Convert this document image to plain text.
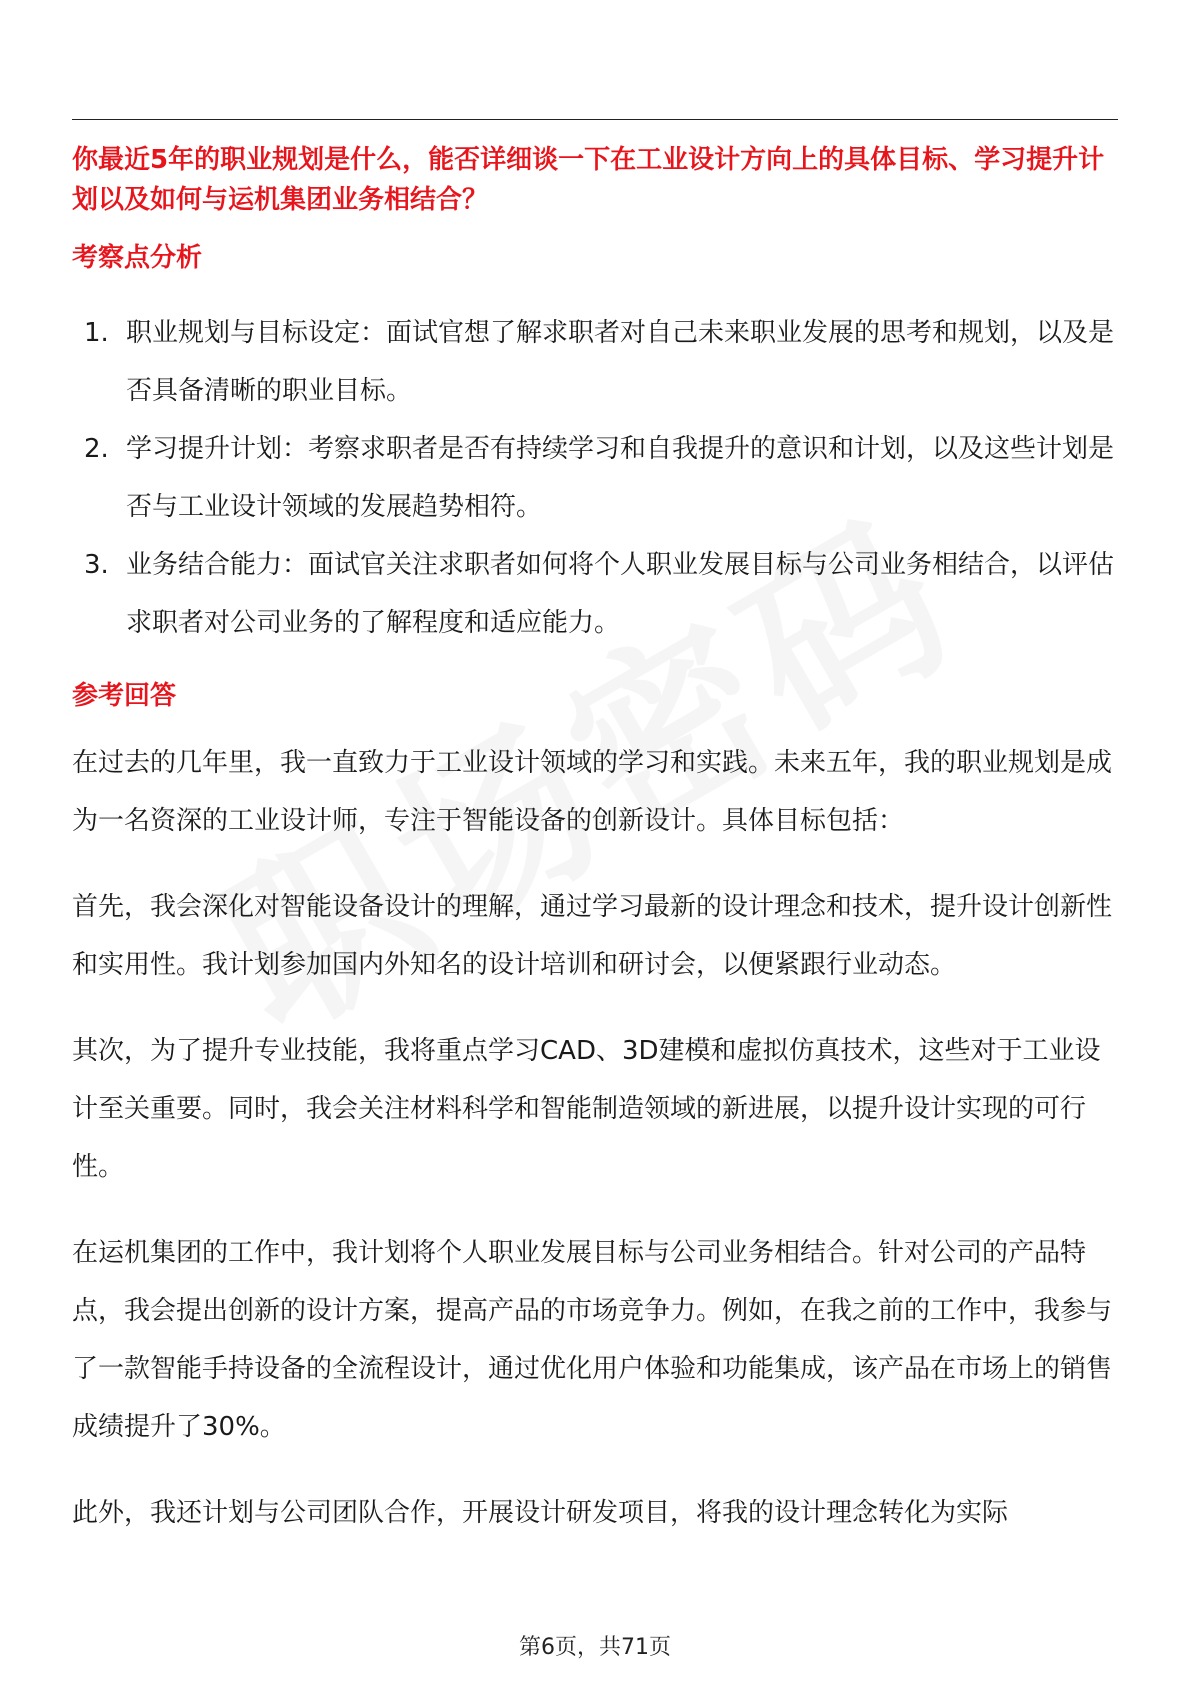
你最近5年的职业规划是什么，能否详细谈一下在工业设计方向上的具体目标、学习提升计划以及如何与运机集团业务相结合？

考察点分析
1. 职业规划与目标设定：面试官想了解求职者对自己未来职业发展的思考和规划，以及是否具备清晰的职业目标。
2. 学习提升计划：考察求职者是否有持续学习和自我提升的意识和计划，以及这些计划是否与工业设计领域的发展趋势相符。
3. 业务结合能力：面试官关注求职者如何将个人职业发展目标与公司业务相结合，以评估求职者对公司业务的了解程度和适应能力。
参考回答

在过去的几年里，我一直致力于工业设计领域的学习和实践。未来五年，我的职业规划是成为一名资深的工业设计师，专注于智能设备的创新设计。具体目标包括：

首先，我会深化对智能设备设计的理解，通过学习最新的设计理念和技术，提升设计创新性和实用性。我计划参加国内外知名的设计培训和研讨会，以便紧跟行业动态。

其次，为了提升专业技能，我将重点学习CAD、3D建模和虚拟仿真技术，这些对于工业设计至关重要。同时，我会关注材料科学和智能制造领域的新进展，以提升设计实现的可行性。

在运机集团的工作中，我计划将个人职业发展目标与公司业务相结合。针对公司的产品特点，我会提出创新的设计方案，提高产品的市场竞争力。例如，在我之前的工作中，我参与了一款智能手持设备的全流程设计，通过优化用户体验和功能集成，该产品在市场上的销售成绩提升了30%。

此外，我还计划与公司团队合作，开展设计研发项目，将我的设计理念转化为实际

第6页，共71页
